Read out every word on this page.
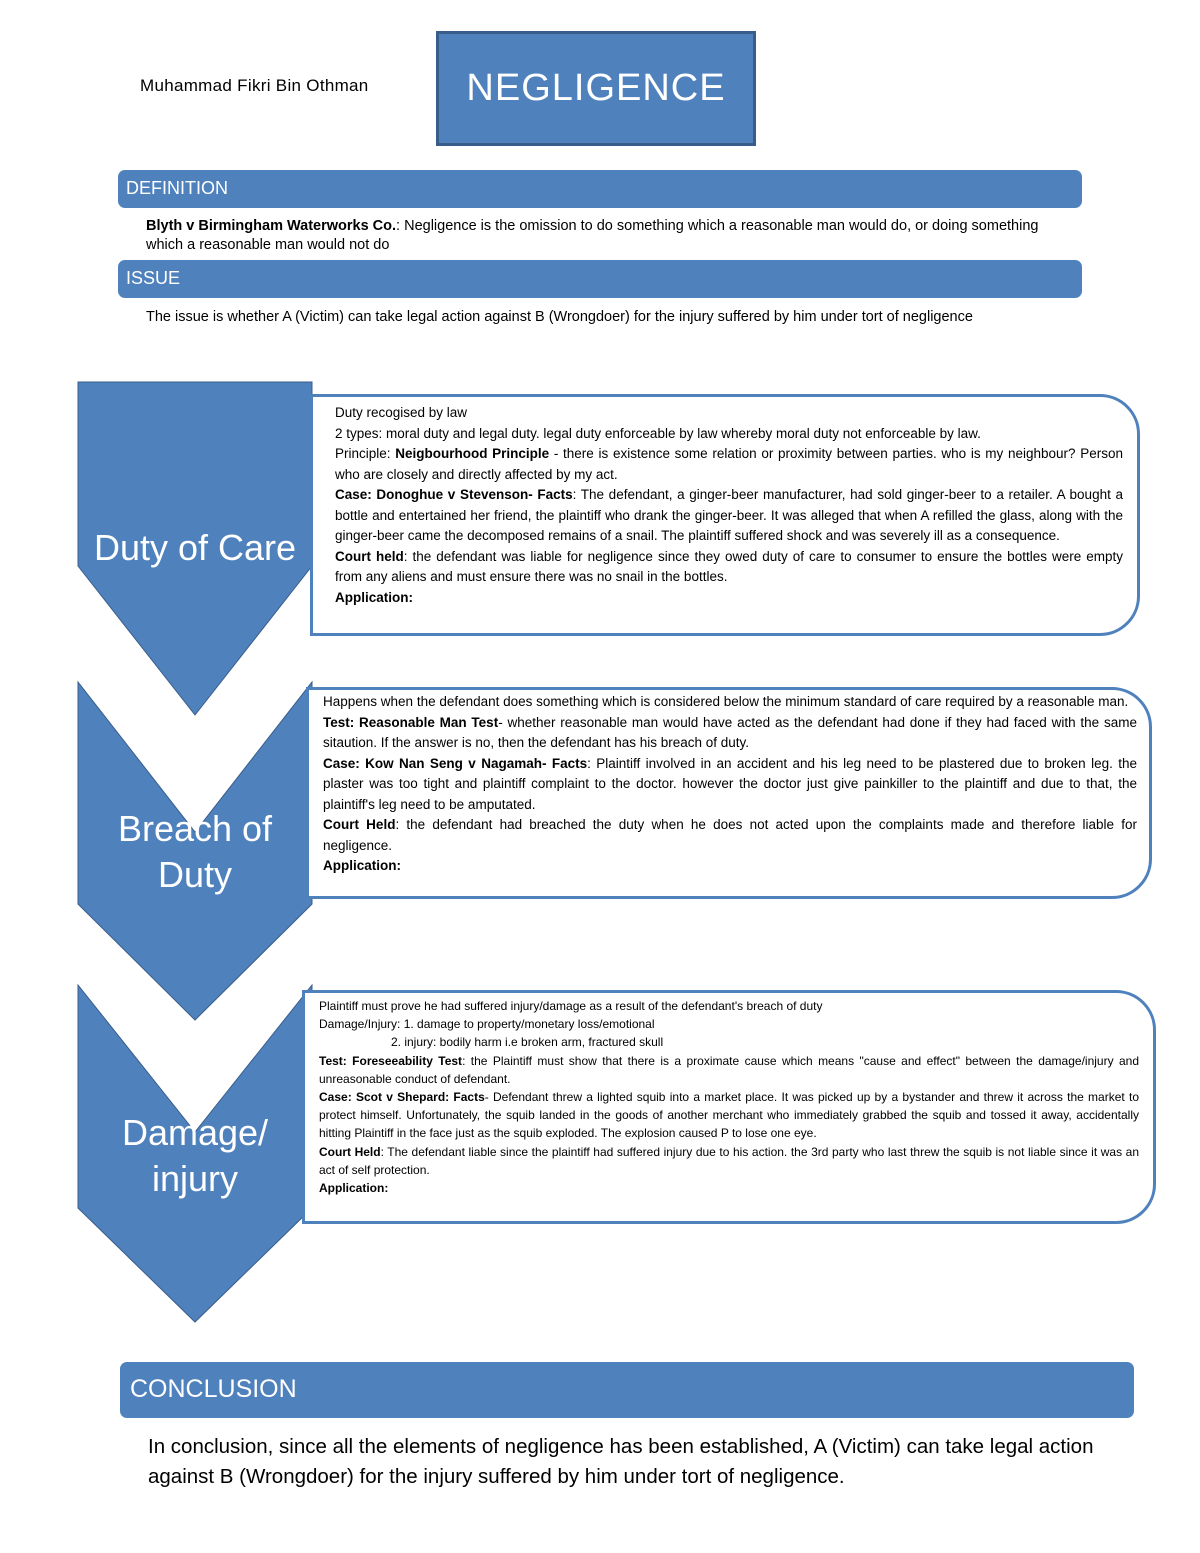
Muhammad Fikri Bin Othman	NEGLIGENCE
DEFINITION
Blyth v Birmingham Waterworks Co.: Negligence is the omission to do something which a reasonable man would do, or doing something which a reasonable man would not do
ISSUE
The issue is whether A (Victim) can take legal action against B (Wrongdoer) for the injury suffered by him under tort of negligence
Duty of Care
Breach of
Duty
Damage/
injury

Duty recogised by law

2 types: moral duty and legal duty. legal duty enforceable by law whereby moral duty not enforceable by law.

Principle: Neigbourhood Principle - there is existence some relation or proximity between parties. who is my neighbour? Person who are closely and directly affected by my act.

Case: Donoghue v Stevenson- Facts: The defendant, a ginger-beer manufacturer, had sold ginger-beer to a retailer. A bought a bottle and entertained her friend, the plaintiff who drank the ginger-beer. It was alleged that when A refilled the glass, along with the ginger-beer came the decomposed remains of a snail. The plaintiff suffered shock and was severely ill as a consequence.

Court held: the defendant was liable for negligence since they owed duty of care to consumer to ensure the bottles were empty from any aliens and must ensure there was no snail in the bottles.

Application:

Happens when the defendant does something which is considered below the minimum standard of care required by a reasonable man.

Test: Reasonable Man Test- whether reasonable man would have acted as the defendant had done if they had faced with the same sitaution. If the answer is no, then the defendant has his breach of duty.

Case: Kow Nan Seng v Nagamah- Facts: Plaintiff involved in an accident and his leg need to be plastered due to broken leg. the plaster was too tight and plaintiff complaint to the doctor. however the doctor just give painkiller to the plaintiff and due to that, the plaintiff's leg need to be amputated.

Court Held: the defendant had breached the duty when he does not acted upon the complaints made and therefore liable for negligence.

Application:

Plaintiff must prove he had suffered injury/damage as a result of the defendant's breach of duty

Damage/Injury: 1. damage to property/monetary loss/emotional

2. injury: bodily harm i.e broken arm, fractured skull

Test: Foreseeability Test: the Plaintiff must show that there is a proximate cause which means "cause and effect" between the damage/injury and unreasonable conduct of defendant.

Case: Scot v Shepard: Facts- Defendant threw a lighted squib into a market place. It was picked up by a bystander and threw it across the market to protect himself. Unfortunately, the squib landed in the goods of another merchant who immediately grabbed the squib and tossed it away, accidentally hitting Plaintiff in the face just as the squib exploded. The explosion caused P to lose one eye.

Court Held: The defendant liable since the plaintiff had suffered injury due to his action. the 3rd party who last threw the squib is not liable since it was an act of self protection.

Application:

CONCLUSION
In conclusion, since all the elements of negligence has been established, A (Victim) can take legal action against B (Wrongdoer) for the injury suffered by him under tort of negligence.
